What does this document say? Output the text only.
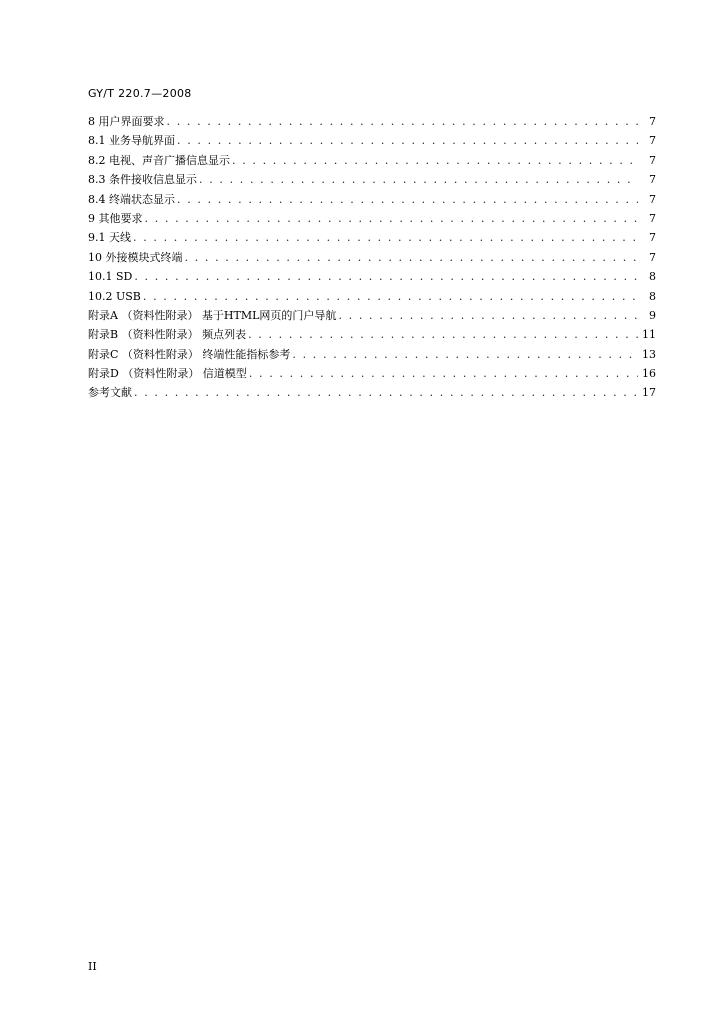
GY/T 220.7—2008
8 用户界面要求 . . .	7
8.1 业务导航界面 . . .	7
8.2 电视、声音广播信息显示 . . .	7
8.3 条件接收信息显示 . . .	7
8.4 终端状态显示 . . .	7
9 其他要求 . . .	7
9.1 天线 . . .	7
10 外接模块式终端 . . .	7
10.1 SD . . .	8
10.2 USB . . .	8
附录A （资料性附录） 基于HTML网页的门户导航 . . .	9
附录B （资料性附录） 频点列表 . . .	11
附录C （资料性附录） 终端性能指标参考 . . .	13
附录D （资料性附录） 信道模型 . . .	16
参考文献 . . .	17
II
